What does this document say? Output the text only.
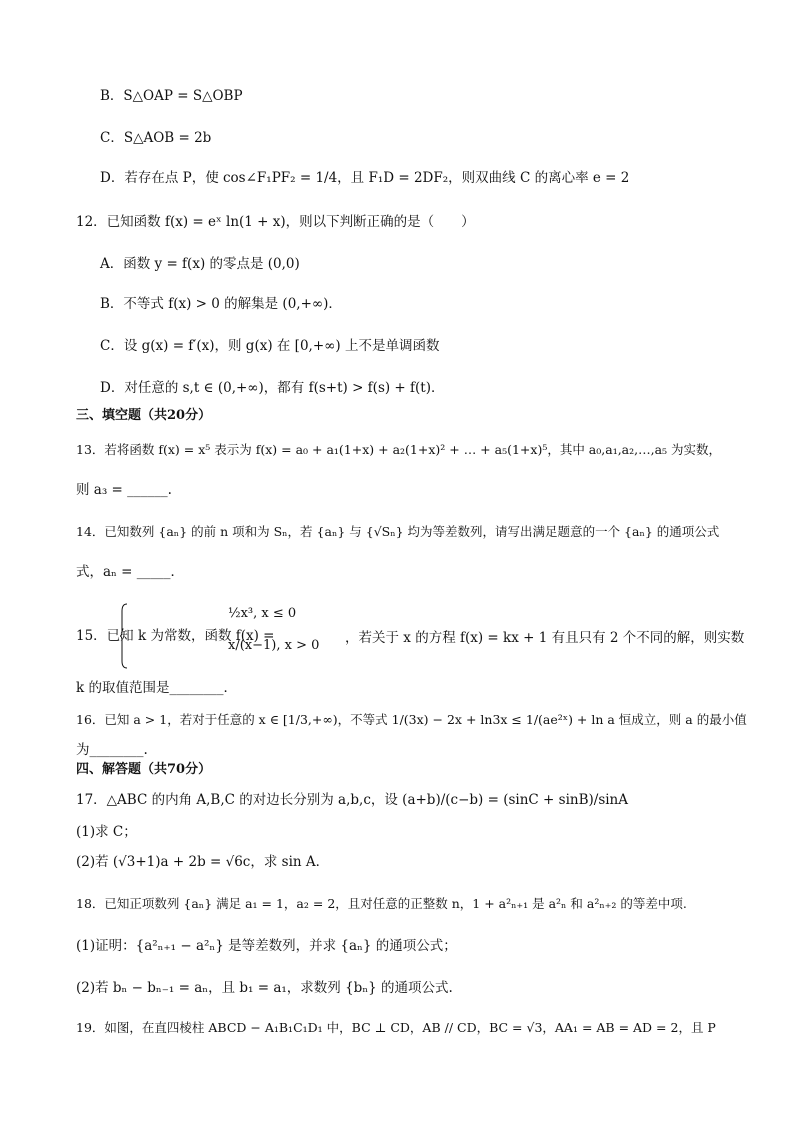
B．S△OAP = S△OBP
C．S△AOB = 2b
D．若存在点 P，使 cos∠F₁PF₂ = 1/4，且 F₁D = 2DF₂，则双曲线 C 的离心率 e = 2
12．已知函数 f(x) = eˣ ln(1 + x)，则以下判断正确的是（　　）
A．函数 y = f(x) 的零点是 (0,0)
B．不等式 f(x) > 0 的解集是 (0,+∞)．
C．设 g(x) = f′(x)，则 g(x) 在 [0,+∞) 上不是单调函数
D．对任意的 s,t ∈ (0,+∞)，都有 f(s+t) > f(s) + f(t)．
三、填空题（共20分）
13．若将函数 f(x) = x⁵ 表示为 f(x) = a₀ + a₁(1+x) + a₂(1+x)² + … + a₅(1+x)⁵，其中 a₀,a₁,a₂,…,a₅ 为实数，
则 a₃ = ______.
14．已知数列 {aₙ} 的前 n 项和为 Sₙ，若 {aₙ} 与 {√Sₙ} 均为等差数列，请写出满足题意的一个 {aₙ} 的通项公式
式，aₙ = _____．
15．已知 k 为常数，函数 f(x) =
½x³, x ≤ 0
x/(x−1), x > 0 ，若关于 x 的方程 f(x) = kx + 1 有且只有 2 个不同的解，则实数
k 的取值范围是________．
16．已知 a > 1，若对于任意的 x ∈ [1/3,+∞)，不等式 1/(3x) − 2x + ln3x ≤ 1/(ae²ˣ) + ln a 恒成立，则 a 的最小值
为________.
四、解答题（共70分）
17．△ABC 的内角 A,B,C 的对边长分别为 a,b,c，设 (a+b)/(c−b) = (sinC + sinB)/sinA
(1)求 C；
(2)若 (√3+1)a + 2b = √6c，求 sin A．
18．已知正项数列 {aₙ} 满足 a₁ = 1，a₂ = 2，且对任意的正整数 n，1 + a²ₙ₊₁ 是 a²ₙ 和 a²ₙ₊₂ 的等差中项.
(1)证明：{a²ₙ₊₁ − a²ₙ} 是等差数列，并求 {aₙ} 的通项公式；
(2)若 bₙ − bₙ₋₁ = aₙ，且 b₁ = a₁，求数列 {bₙ} 的通项公式.
19．如图，在直四棱柱 ABCD − A₁B₁C₁D₁ 中，BC ⊥ CD，AB // CD，BC = √3，AA₁ = AB = AD = 2，且 P
